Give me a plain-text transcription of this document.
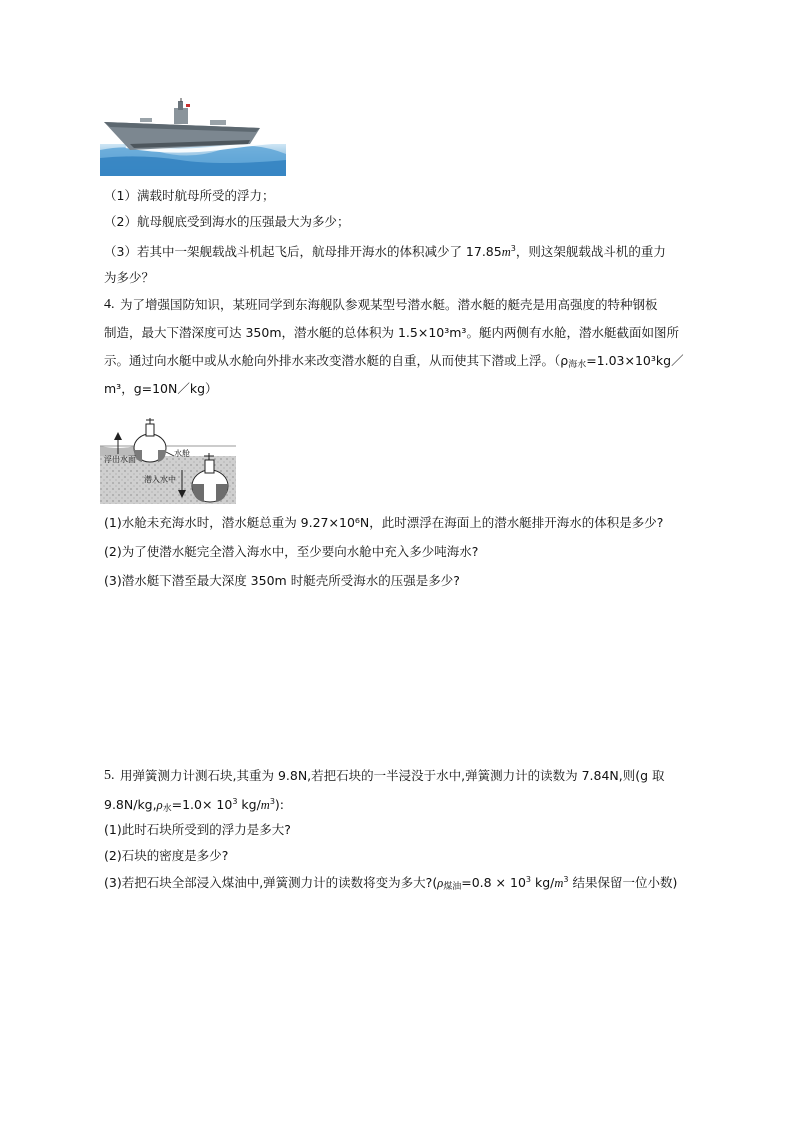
（1）满载时航母所受的浮力；
（2）航母舰底受到海水的压强最大为多少；
（3）若其中一架舰载战斗机起飞后，航母排开海水的体积减少了 $17.85m^3$，则这架舰载战斗机的重力
为多少？
4. 为了增强国防知识，某班同学到东海舰队参观某型号潜水艇。潜水艇的艇壳是用高强度的特种钢板
制造，最大下潜深度可达 350m，潜水艇的总体积为 1.5×10³m³。艇内两侧有水舱，潜水艇截面如图所
示。通过向水艇中或从水舱向外排水来改变潜水艇的自重，从而使其下潜或上浮。（ρ海水=1.03×10³kg／
m³，g=10N／kg）
浮出水面
水舱
潜入水中
(1)水舱未充海水时，潜水艇总重为 9.27×10⁶N，此时漂浮在海面上的潜水艇排开海水的体积是多少?
(2)为了使潜水艇完全潜入海水中，至少要向水舱中充入多少吨海水?
(3)潜水艇下潜至最大深度 350m 时艇壳所受海水的压强是多少?
5. 用弹簧测力计测石块,其重为 9.8N,若把石块的一半浸没于水中,弹簧测力计的读数为 7.84N,则(g 取
9.8N/kg,ρ水$=1.0\times 10^3$ $kg/m^3$):
(1)此时石块所受到的浮力是多大?
(2)石块的密度是多少?
(3)若把石块全部浸入煤油中,弹簧测力计的读数将变为多大?(ρ煤油$=0.8 \times 10^3$ $kg/m^3$ 结果保留一位小数)
